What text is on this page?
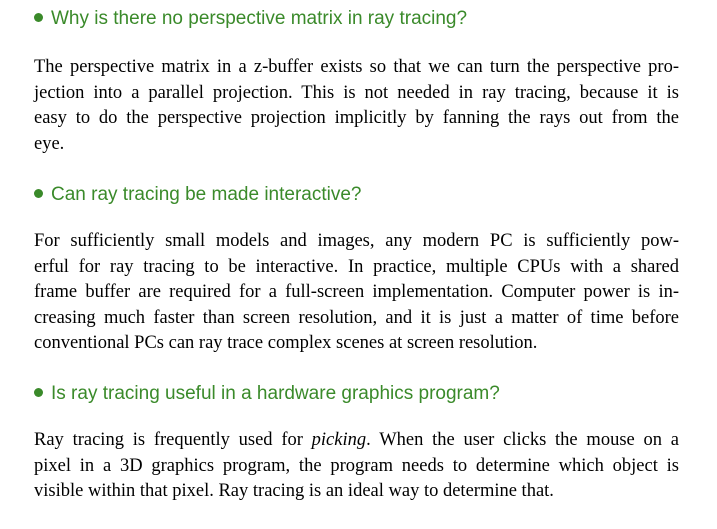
Why is there no perspective matrix in ray tracing?

The perspective matrix in a z-buffer exists so that we can turn the perspective pro-
jection into a parallel projection. This is not needed in ray tracing, because it is
easy to do the perspective projection implicitly by fanning the rays out from the
eye.

Can ray tracing be made interactive?

For sufficiently small models and images, any modern PC is sufficiently pow-
erful for ray tracing to be interactive. In practice, multiple CPUs with a shared
frame buffer are required for a full-screen implementation. Computer power is in-
creasing much faster than screen resolution, and it is just a matter of time before
conventional PCs can ray trace complex scenes at screen resolution.

Is ray tracing useful in a hardware graphics program?

Ray tracing is frequently used for picking. When the user clicks the mouse on a
pixel in a 3D graphics program, the program needs to determine which object is
visible within that pixel. Ray tracing is an ideal way to determine that.
